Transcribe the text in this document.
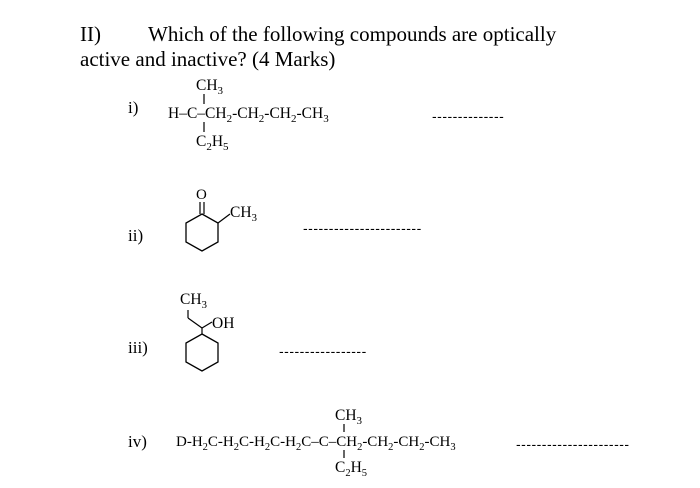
II) Which of the following compounds are optically
active and inactive? (4 Marks)
i)
$CH_3$
$H-C-CH_2-CH_2-CH_2-CH_3$
$C_2H_5$
--------------
ii)
O
$CH_3$
-----------------------
iii)
$CH_3$
OH
-----------------
iv)
$CH_3$
$D-H_2C-H_2C-H_2C-H_2C-C-CH_2-CH_2-CH_2-CH_3$
$C_2H_5$
----------------------
